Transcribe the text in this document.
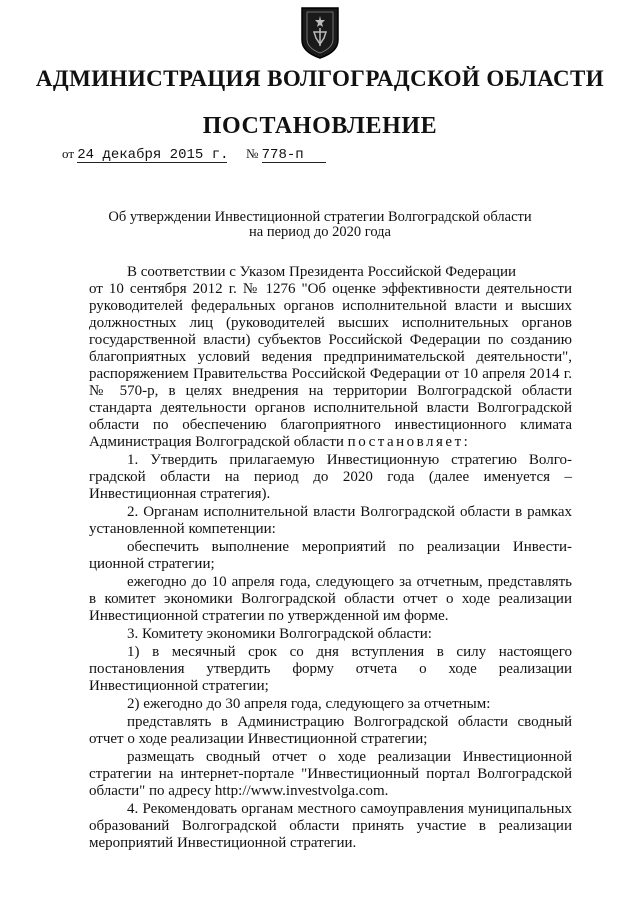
АДМИНИСТРАЦИЯ ВОЛГОГРАДСКОЙ ОБЛАСТИ
ПОСТАНОВЛЕНИЕ
от 24 декабря 2015 г. № 778-п
Об утверждении Инвестиционной стратегии Волгоградской области
на период до 2020 года
В соответствии с Указом Президента Российской Федерации
от 10 сентября 2012 г. № 1276 "Об оценке эффективности деятельности
руководителей федеральных органов исполнительной власти и высших
должностных лиц (руководителей высших исполнительных органов
государственной власти) субъектов Российской Федерации по созданию
благоприятных условий ведения предпринимательской деятельности",
распоряжением Правительства Российской Федерации от 10 апреля 2014 г.
№ 570-р, в целях внедрения на территории Волгоградской области
стандарта деятельности органов исполнительной власти Волгоградской
области по обеспечению благоприятного инвестиционного климата
Администрация Волгоградской области постановляет:
1. Утвердить прилагаемую Инвестиционную стратегию Волго-
градской области на период до 2020 года (далее именуется –
Инвестиционная стратегия).
2. Органам исполнительной власти Волгоградской области в рамках
установленной компетенции:
обеспечить выполнение мероприятий по реализации Инвести-
ционной стратегии;
ежегодно до 10 апреля года, следующего за отчетным, представлять
в комитет экономики Волгоградской области отчет о ходе реализации
Инвестиционной стратегии по утвержденной им форме.
3. Комитету экономики Волгоградской области:
1) в месячный срок со дня вступления в силу настоящего
постановления утвердить форму отчета о ходе реализации
Инвестиционной стратегии;
2) ежегодно до 30 апреля года, следующего за отчетным:
представлять в Администрацию Волгоградской области сводный
отчет о ходе реализации Инвестиционной стратегии;
размещать сводный отчет о ходе реализации Инвестиционной
стратегии на интернет-портале "Инвестиционный портал Волгоградской
области" по адресу http://www.investvolga.com.
4. Рекомендовать органам местного самоуправления муниципальных
образований Волгоградской области принять участие в реализации
мероприятий Инвестиционной стратегии.
